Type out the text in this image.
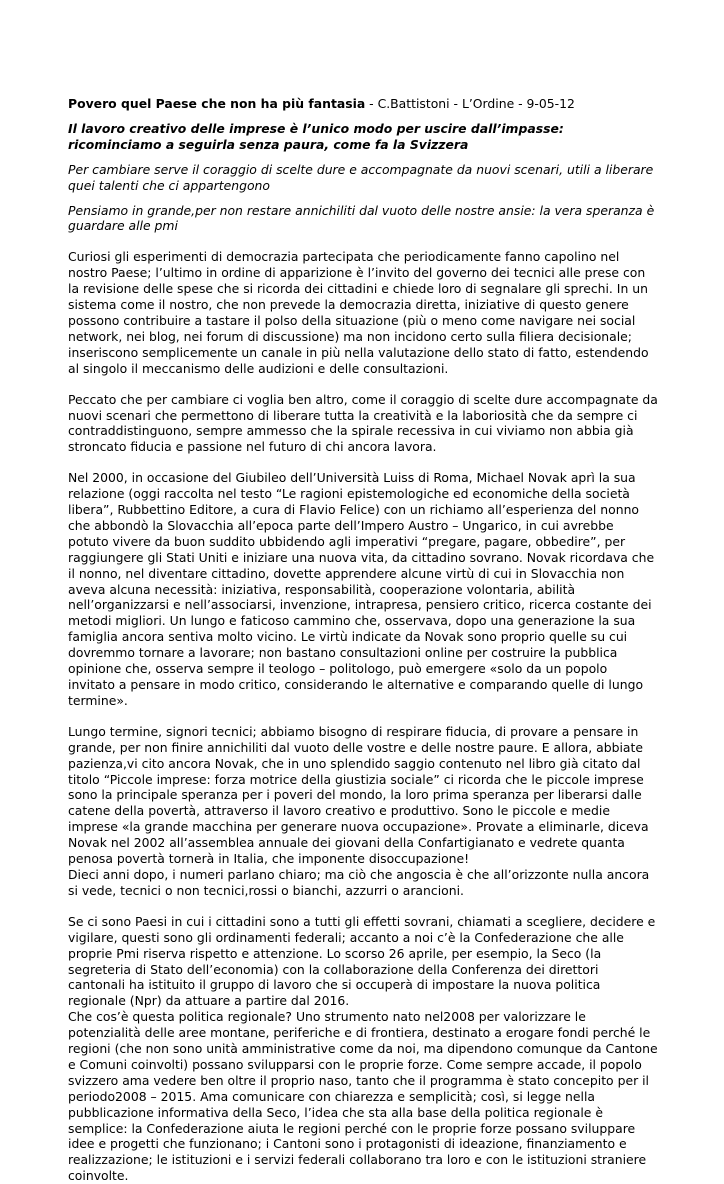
Povero quel Paese che non ha più fantasia - C.Battistoni - L’Ordine - 9-05-12

Il lavoro creativo delle imprese è l’unico modo per uscire dall’impasse: ricominciamo a seguirla senza paura, come fa la Svizzera

Per cambiare serve il coraggio di scelte dure e accompagnate da nuovi scenari, utili a liberare quei talenti che ci appartengono

Pensiamo in grande,per non restare annichiliti dal vuoto delle nostre ansie: la vera speranza è guardare alle pmi

Curiosi gli esperimenti di democrazia partecipata che periodicamente fanno capolino nel nostro Paese; l’ultimo in ordine di apparizione è l’invito del governo dei tecnici alle prese con la revisione delle spese che si ricorda dei cittadini e chiede loro di segnalare gli sprechi. In un sistema come il nostro, che non prevede la democrazia diretta, iniziative di questo genere possono contribuire a tastare il polso della situazione (più o meno come navigare nei social network, nei blog, nei forum di discussione) ma non incidono certo sulla filiera decisionale; inseriscono semplicemente un canale in più nella valutazione dello stato di fatto, estendendo al singolo il meccanismo delle audizioni e delle consultazioni.

Peccato che per cambiare ci voglia ben altro, come il coraggio di scelte dure accompagnate da nuovi scenari che permettono di liberare tutta la creatività e la laboriosità che da sempre ci contraddistinguono, sempre ammesso che la spirale recessiva in cui viviamo non abbia già stroncato fiducia e passione nel futuro di chi ancora lavora.

Nel 2000, in occasione del Giubileo dell’Università Luiss di Roma, Michael Novak aprì la sua relazione (oggi raccolta nel testo “Le ragioni epistemologiche ed economiche della società libera”, Rubbettino Editore, a cura di Flavio Felice) con un richiamo all’esperienza del nonno che abbondò la Slovacchia all’epoca parte dell’Impero Austro – Ungarico, in cui avrebbe potuto vivere da buon suddito ubbidendo agli imperativi “pregare, pagare, obbedire”, per raggiungere gli Stati Uniti e iniziare una nuova vita, da cittadino sovrano. Novak ricordava che il nonno, nel diventare cittadino, dovette apprendere alcune virtù di cui in Slovacchia non aveva alcuna necessità: iniziativa, responsabilità, cooperazione volontaria, abilità nell’organizzarsi e nell’associarsi, invenzione, intrapresa, pensiero critico, ricerca costante dei metodi migliori. Un lungo e faticoso cammino che, osservava, dopo una generazione la sua famiglia ancora sentiva molto vicino. Le virtù indicate da Novak sono proprio quelle su cui dovremmo tornare a lavorare; non bastano consultazioni online per costruire la pubblica opinione che, osserva sempre il teologo – politologo, può emergere «solo da un popolo invitato a pensare in modo critico, considerando le alternative e comparando quelle di lungo termine».

Lungo termine, signori tecnici; abbiamo bisogno di respirare fiducia, di provare a pensare in grande, per non finire annichiliti dal vuoto delle vostre e delle nostre paure. E allora, abbiate pazienza,vi cito ancora Novak, che in uno splendido saggio contenuto nel libro già citato dal titolo “Piccole imprese: forza motrice della giustizia sociale” ci ricorda che le piccole imprese sono la principale speranza per i poveri del mondo, la loro prima speranza per liberarsi dalle catene della povertà, attraverso il lavoro creativo e produttivo. Sono le piccole e medie imprese «la grande macchina per generare nuova occupazione». Provate a eliminarle, diceva Novak nel 2002 all’assemblea annuale dei giovani della Confartigianato e vedrete quanta penosa povertà tornerà in Italia, che imponente disoccupazione!

Dieci anni dopo, i numeri parlano chiaro; ma ciò che angoscia è che all’orizzonte nulla ancora si vede, tecnici o non tecnici,rossi o bianchi, azzurri o arancioni.

Se ci sono Paesi in cui i cittadini sono a tutti gli effetti sovrani, chiamati a scegliere, decidere e vigilare, questi sono gli ordinamenti federali; accanto a noi c’è la Confederazione che alle proprie Pmi riserva rispetto e attenzione. Lo scorso 26 aprile, per esempio, la Seco (la segreteria di Stato dell’economia) con la collaborazione della Conferenza dei direttori cantonali ha istituito il gruppo di lavoro che si occuperà di impostare la nuova politica regionale (Npr) da attuare a partire dal 2016.

Che cos’è questa politica regionale? Uno strumento nato nel2008 per valorizzare le potenzialità delle aree montane, periferiche e di frontiera, destinato a erogare fondi perché le regioni (che non sono unità amministrative come da noi, ma dipendono comunque da Cantone e Comuni coinvolti) possano svilupparsi con le proprie forze. Come sempre accade, il popolo svizzero ama vedere ben oltre il proprio naso, tanto che il programma è stato concepito per il periodo2008 – 2015. Ama comunicare con chiarezza e semplicità; così, si legge nella pubblicazione informativa della Seco, l’idea che sta alla base della politica regionale è semplice: la Confederazione aiuta le regioni perché con le proprie forze possano sviluppare idee e progetti che funzionano; i Cantoni sono i protagonisti di ideazione, finanziamento e realizzazione; le istituzioni e i servizi federali collaborano tra loro e con le istituzioni straniere coinvolte.
